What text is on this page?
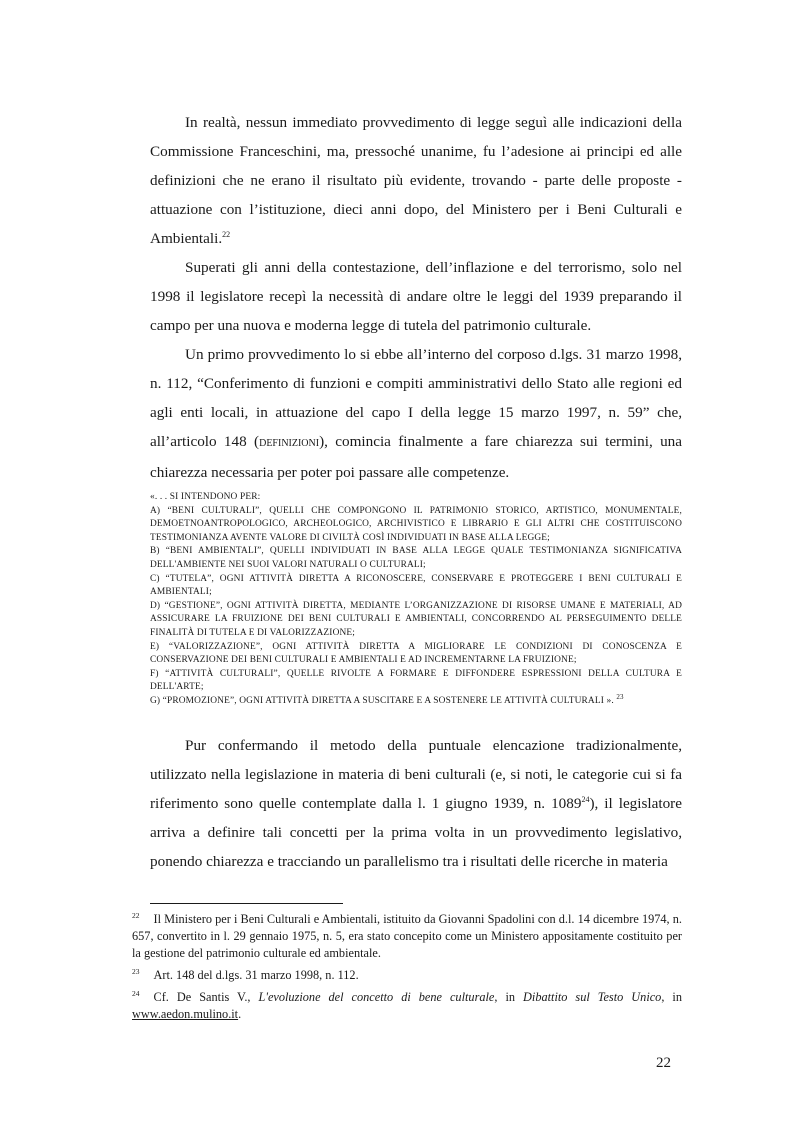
In realtà, nessun immediato provvedimento di legge seguì alle indicazioni della Commissione Franceschini, ma, pressoché unanime, fu l’adesione ai principi ed alle definizioni che ne erano il risultato più evidente, trovando - parte delle proposte - attuazione con l’istituzione, dieci anni dopo, del Ministero per i Beni Culturali e Ambientali.$^{22}$

Superati gli anni della contestazione, dell’inflazione e del terrorismo, solo nel 1998 il legislatore recepì la necessità di andare oltre le leggi del 1939 preparando il campo per una nuova e moderna legge di tutela del patrimonio culturale.

Un primo provvedimento lo si ebbe all’interno del corposo d.lgs. 31 marzo 1998, n. 112, “Conferimento di funzioni e compiti amministrativi dello Stato alle regioni ed agli enti locali, in attuazione del capo I della legge 15 marzo 1997, n. 59” che, all’articolo 148 (DEFINIZIONI), comincia finalmente a fare chiarezza sui termini, una chiarezza necessaria per poter poi passare alle competenze.

«. . . SI INTENDONO PER:

A) “BENI CULTURALI”, QUELLI CHE COMPONGONO IL PATRIMONIO STORICO, ARTISTICO, MONUMENTALE, DEMOETNOANTROPOLOGICO, ARCHEOLOGICO, ARCHIVISTICO E LIBRARIO E GLI ALTRI CHE COSTITUISCONO TESTIMONIANZA AVENTE VALORE DI CIVILTÀ COSÌ INDIVIDUATI IN BASE ALLA LEGGE;

B) “BENI AMBIENTALI”, QUELLI INDIVIDUATI IN BASE ALLA LEGGE QUALE TESTIMONIANZA SIGNIFICATIVA DELL'AMBIENTE NEI SUOI VALORI NATURALI O CULTURALI;

C) “TUTELA”, OGNI ATTIVITÀ DIRETTA A RICONOSCERE, CONSERVARE E PROTEGGERE I BENI CULTURALI E AMBIENTALI;

D) “GESTIONE”, OGNI ATTIVITÀ DIRETTA, MEDIANTE L’ORGANIZZAZIONE DI RISORSE UMANE E MATERIALI, AD ASSICURARE LA FRUIZIONE DEI BENI CULTURALI E AMBIENTALI, CONCORRENDO AL PERSEGUIMENTO DELLE FINALITÀ DI TUTELA E DI VALORIZZAZIONE;

E) “VALORIZZAZIONE”, OGNI ATTIVITÀ DIRETTA A MIGLIORARE LE CONDIZIONI DI CONOSCENZA E CONSERVAZIONE DEI BENI CULTURALI E AMBIENTALI E AD INCREMENTARNE LA FRUIZIONE;

F) “ATTIVITÀ CULTURALI”, QUELLE RIVOLTE A FORMARE E DIFFONDERE ESPRESSIONI DELLA CULTURA E DELL'ARTE;

G) “PROMOZIONE”, OGNI ATTIVITÀ DIRETTA A SUSCITARE E A SOSTENERE LE ATTIVITÀ CULTURALI ». $^{23}$

Pur confermando il metodo della puntuale elencazione tradizionalmente, utilizzato nella legislazione in materia di beni culturali (e, si noti, le categorie cui si fa riferimento sono quelle contemplate dalla l. 1 giugno 1939, n. 1089$^{24}$), il legislatore arriva a definire tali concetti per la prima volta in un provvedimento legislativo, ponendo chiarezza e tracciando un parallelismo tra i risultati delle ricerche in materia

$^{22}$ Il Ministero per i Beni Culturali e Ambientali, istituito da Giovanni Spadolini con d.l. 14 dicembre 1974, n. 657, convertito in l. 29 gennaio 1975, n. 5, era stato concepito come un Ministero appositamente costituito per la gestione del patrimonio culturale ed ambientale.

$^{23}$ Art. 148 del d.lgs. 31 marzo 1998, n. 112.

$^{24}$ Cf. De Santis V., L'evoluzione del concetto di bene culturale, in Dibattito sul Testo Unico, in www.aedon.mulino.it.

22
